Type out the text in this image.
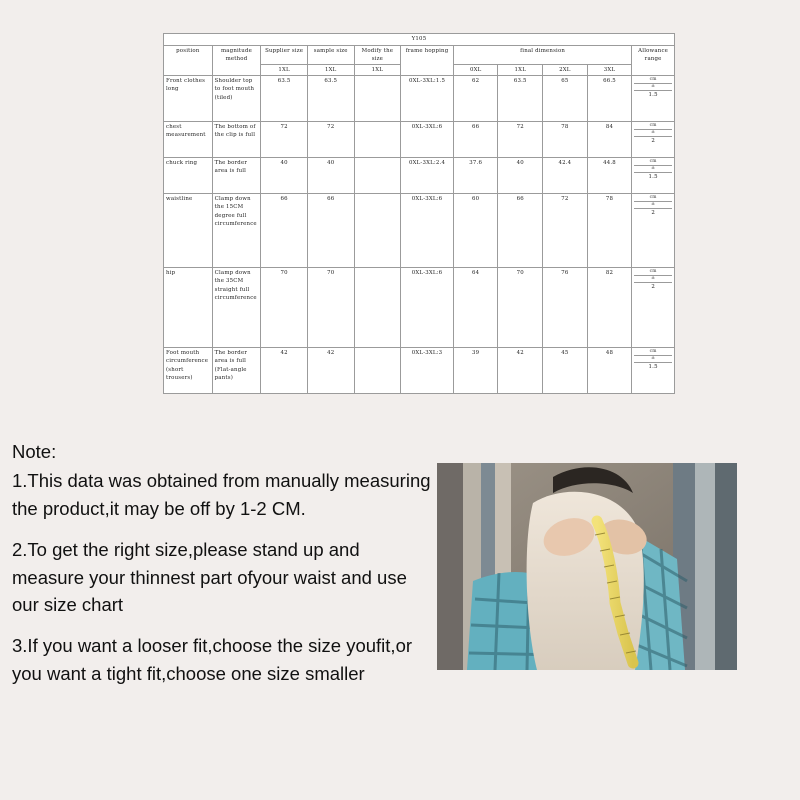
Y105										
position	magnitude method	Supplier size	sample size	Modify the size	frame hopping	final dimension				Allowance range
		1XL	1XL	1XL		0XL	1XL	2XL	3XL	
Front clothes long	Shoulder top to foot mouth (tiled)	63.5	63.5		0XL-3XL:1.5	62	63.5	65	66.5	cm
±
1.5

chest measurement	The bottom of the clip is full	72	72		0XL-3XL:6	66	72	78	84	cm
±
2

chuck ring	The border area is full	40	40		0XL-3XL:2.4	37.6	40	42.4	44.8	cm
±
1.5

waistline	Clamp down the 15CM degree full circumference	66	66		0XL-3XL:6	60	66	72	78	cm
±
2

hip	Clamp down the 35CM straight full circumference	70	70		0XL-3XL:6	64	70	76	82	cm
±
2

Foot mouth circumference (short trousers)	The border area is full (Flat-angle pants)	42	42		0XL-3XL:3	39	42	45	48	cm
±
1.5

Note:

1.This data was obtained from manually measuring the product,it may be off by 1-2 CM.

2.To get the right size,please stand up and measure your thinnest part ofyour waist and use our size chart

3.If you want a looser fit,choose the size youfit,or you want a tight fit,choose one size smaller
